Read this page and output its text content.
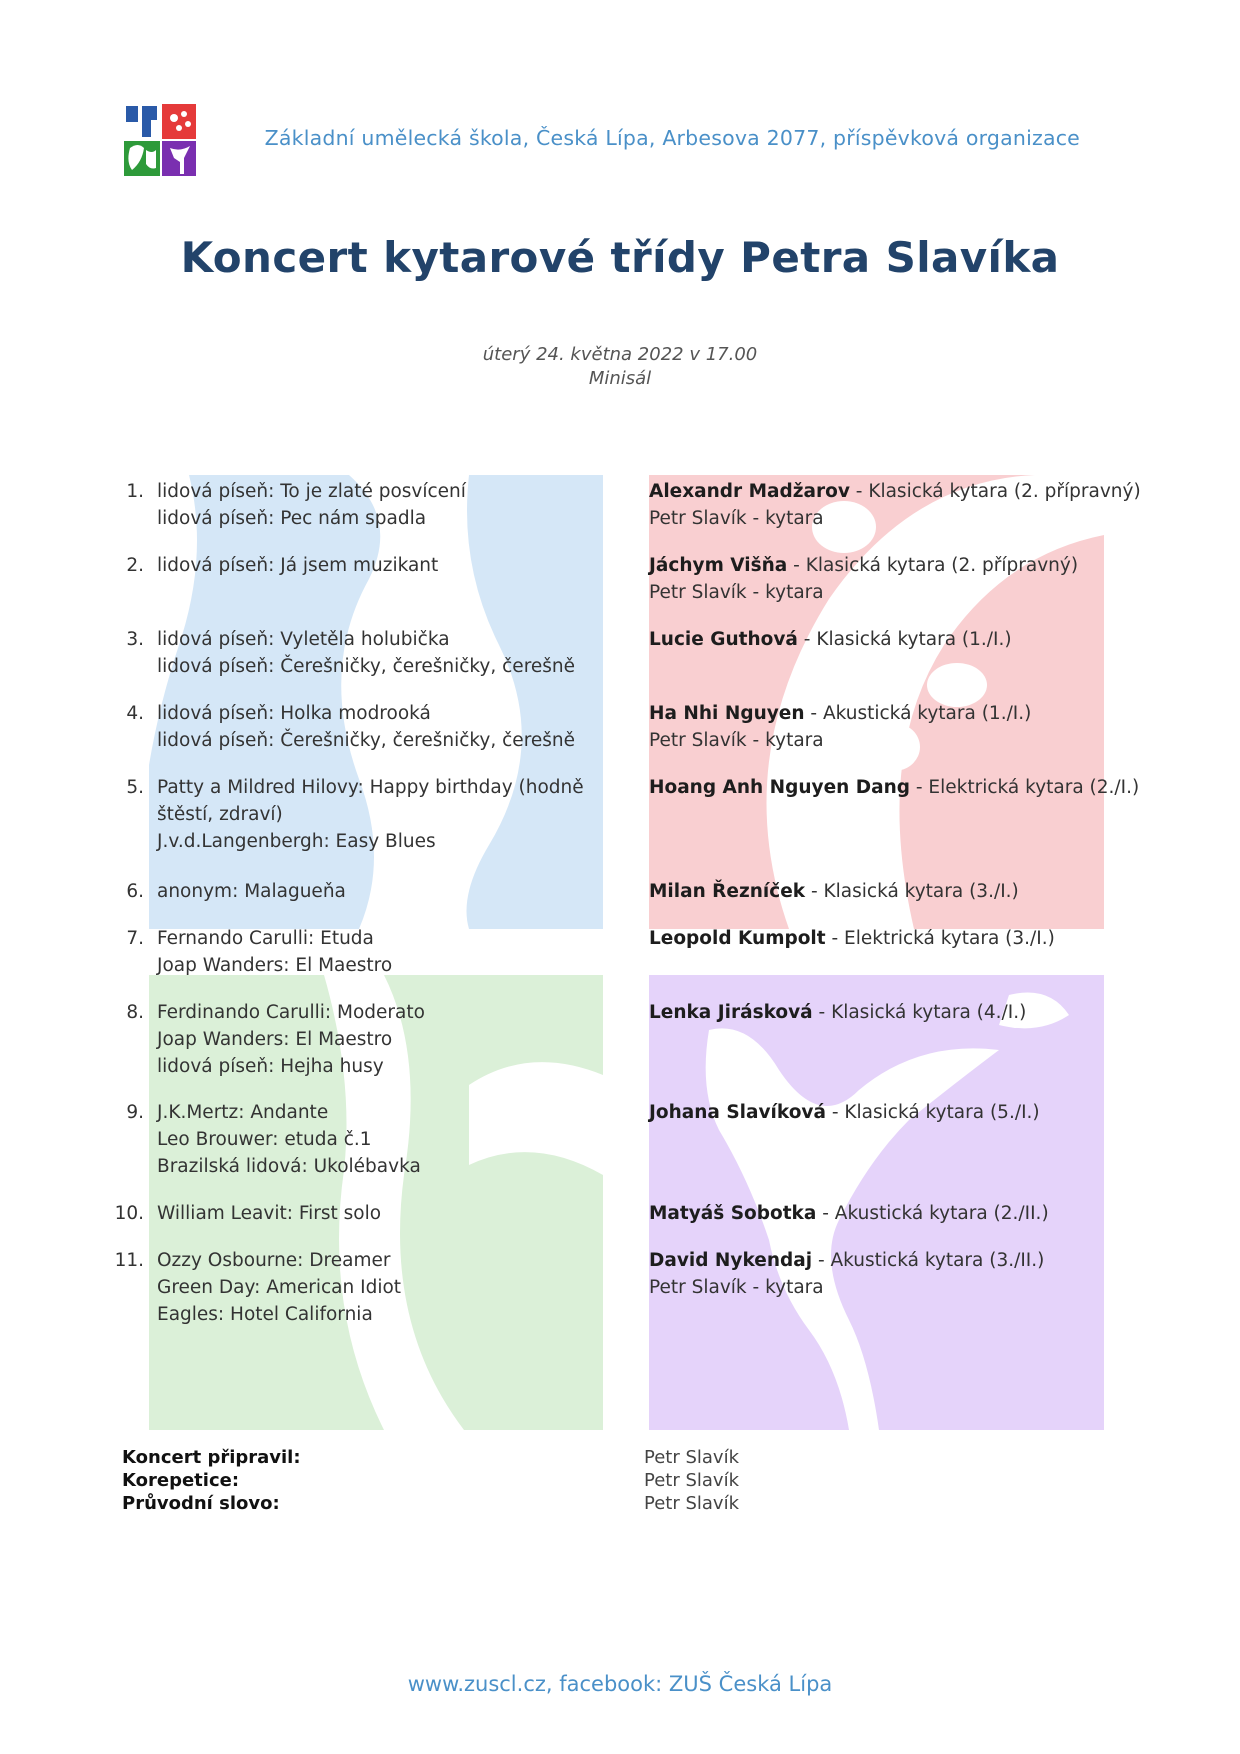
Základní umělecká škola, Česká Lípa, Arbesova 2077, příspěvková organizace
Koncert kytarové třídy Petra Slavíka
úterý 24. května 2022 v 17.00
Minisál
1. lidová píseň: To je zlaté posvícení
lidová píseň: Pec nám spadla
Alexandr Madžarov - Klasická kytara (2. přípravný)
Petr Slavík - kytara
2. lidová píseň: Já jsem muzikant	Jáchym Višňa - Klasická kytara (2. přípravný)
Petr Slavík - kytara
3. lidová píseň: Vyletěla holubička
lidová píseň: Čerešničky, čerešničky, čerešně
Lucie Guthová - Klasická kytara (1./I.)
4. lidová píseň: Holka modrooká
lidová píseň: Čerešničky, čerešničky, čerešně
Ha Nhi Nguyen - Akustická kytara (1./I.)
Petr Slavík - kytara
5. Patty a Mildred Hilovy: Happy birthday (hodně štěstí, zdraví)
J.v.d.Langenbergh: Easy Blues
Hoang Anh Nguyen Dang - Elektrická kytara (2./I.)
6. anonym: Malagueňa	Milan Řezníček - Klasická kytara (3./I.)
7. Fernando Carulli: Etuda
Joap Wanders: El Maestro
Leopold Kumpolt - Elektrická kytara (3./I.)
8. Ferdinando Carulli: Moderato
Joap Wanders: El Maestro
lidová píseň: Hejha husy
Lenka Jirásková - Klasická kytara (4./I.)
9. J.K.Mertz: Andante
Leo Brouwer: etuda č.1
Brazilská lidová: Ukolébavka
Johana Slavíková - Klasická kytara (5./I.)
10. William Leavit: First solo	Matyáš Sobotka - Akustická kytara (2./II.)
11. Ozzy Osbourne: Dreamer
Green Day: American Idiot
Eagles: Hotel California
David Nykendaj - Akustická kytara (3./II.)
Petr Slavík - kytara
Koncert připravil:	Petr Slavík
Korepetice:	Petr Slavík
Průvodní slovo:	Petr Slavík
www.zuscl.cz, facebook: ZUŠ Česká Lípa
